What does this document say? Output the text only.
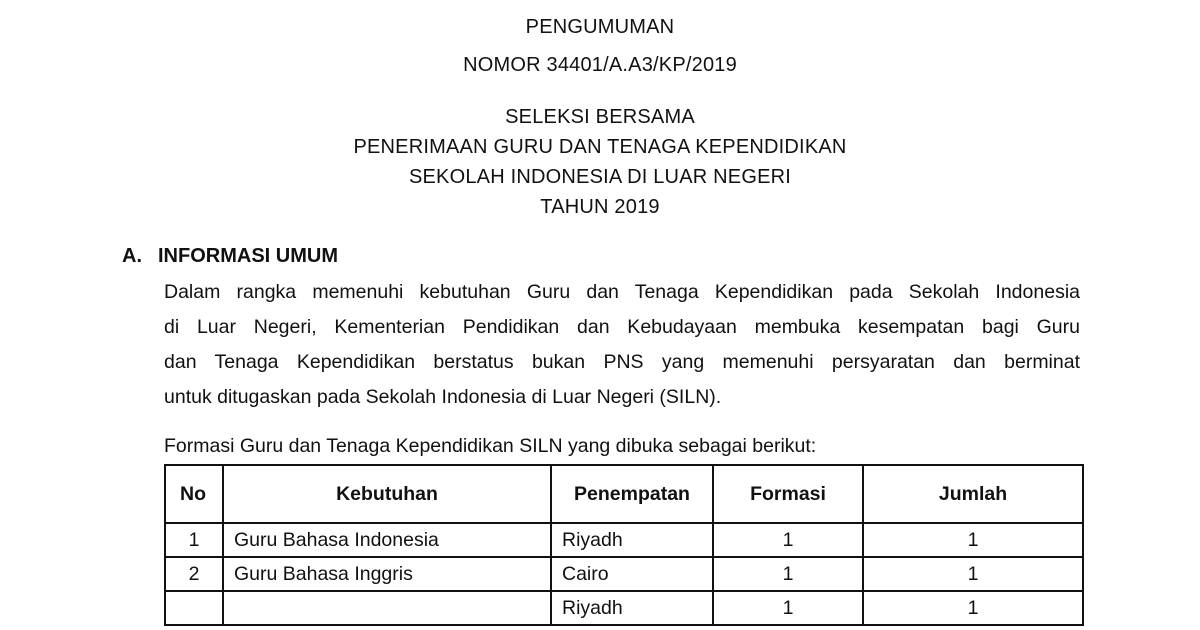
PENGUMUMAN
NOMOR 34401/A.A3/KP/2019
SELEKSI BERSAMA
PENERIMAAN GURU DAN TENAGA KEPENDIDIKAN
SEKOLAH INDONESIA DI LUAR NEGERI
TAHUN 2019
A. INFORMASI UMUM
Dalam rangka memenuhi kebutuhan Guru dan Tenaga Kependidikan pada Sekolah Indonesia
di Luar Negeri, Kementerian Pendidikan dan Kebudayaan membuka kesempatan bagi Guru
dan Tenaga Kependidikan berstatus bukan PNS yang memenuhi persyaratan dan berminat
untuk ditugaskan pada Sekolah Indonesia di Luar Negeri (SILN).
Formasi Guru dan Tenaga Kependidikan SILN yang dibuka sebagai berikut:
No	Kebutuhan	Penempatan	Formasi	Jumlah
1	Guru Bahasa Indonesia	Riyadh	1	1
2	Guru Bahasa Inggris	Cairo	1	1
		Riyadh	1	1
